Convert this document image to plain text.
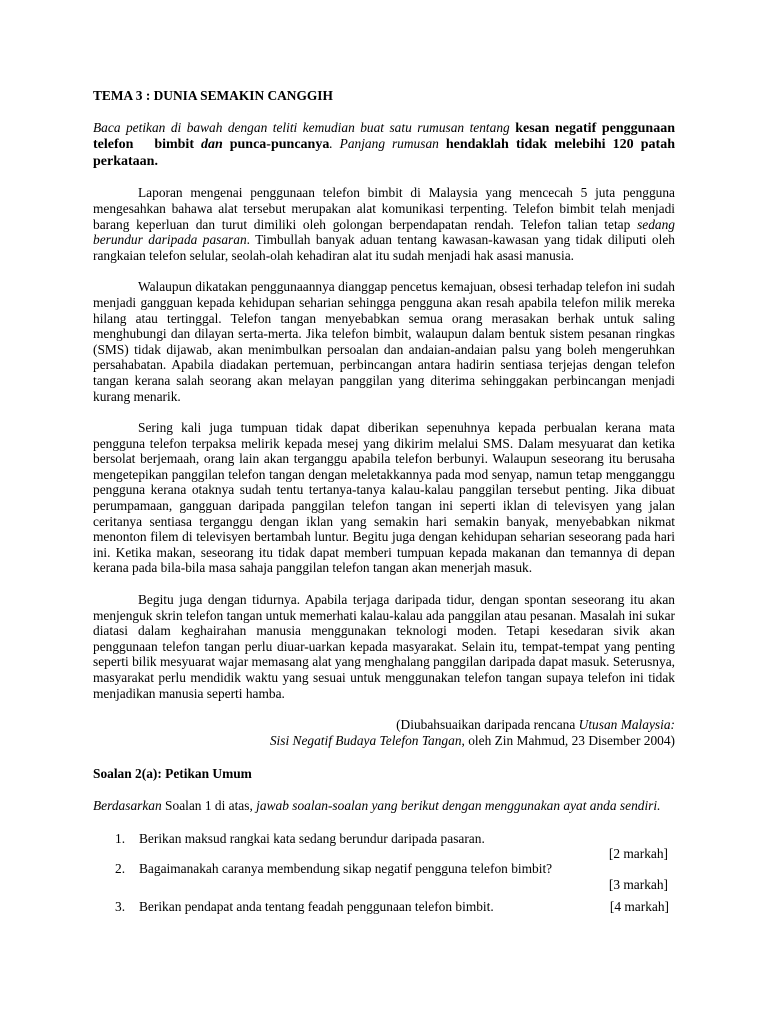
TEMA 3 : DUNIA SEMAKIN CANGGIH

Baca petikan di bawah dengan teliti kemudian buat satu rumusan tentang kesan negatif penggunaan telefon bimbit dan punca-puncanya. Panjang rumusan hendaklah tidak melebihi 120 patah perkataan.

Laporan mengenai penggunaan telefon bimbit di Malaysia yang mencecah 5 juta pengguna mengesahkan bahawa alat tersebut merupakan alat komunikasi terpenting. Telefon bimbit telah menjadi barang keperluan dan turut dimiliki oleh golongan berpendapatan rendah. Telefon talian tetap sedang berundur daripada pasaran. Timbullah banyak aduan tentang kawasan-kawasan yang tidak diliputi oleh rangkaian telefon selular, seolah-olah kehadiran alat itu sudah menjadi hak asasi manusia.

Walaupun dikatakan penggunaannya dianggap pencetus kemajuan, obsesi terhadap telefon ini sudah menjadi gangguan kepada kehidupan seharian sehingga pengguna akan resah apabila telefon milik mereka hilang atau tertinggal. Telefon tangan menyebabkan semua orang merasakan berhak untuk saling menghubungi dan dilayan serta-merta. Jika telefon bimbit, walaupun dalam bentuk sistem pesanan ringkas (SMS) tidak dijawab, akan menimbulkan persoalan dan andaian-andaian palsu yang boleh mengeruhkan persahabatan. Apabila diadakan pertemuan, perbincangan antara hadirin sentiasa terjejas dengan telefon tangan kerana salah seorang akan melayan panggilan yang diterima sehinggakan perbincangan menjadi kurang menarik.

Sering kali juga tumpuan tidak dapat diberikan sepenuhnya kepada perbualan kerana mata pengguna telefon terpaksa melirik kepada mesej yang dikirim melalui SMS. Dalam mesyuarat dan ketika bersolat berjemaah, orang lain akan terganggu apabila telefon berbunyi. Walaupun seseorang itu berusaha mengetepikan panggilan telefon tangan dengan meletakkannya pada mod senyap, namun tetap mengganggu pengguna kerana otaknya sudah tentu tertanya-tanya kalau-kalau panggilan tersebut penting. Jika dibuat perumpamaan, gangguan daripada panggilan telefon tangan ini seperti iklan di televisyen yang jalan ceritanya sentiasa terganggu dengan iklan yang semakin hari semakin banyak, menyebabkan nikmat menonton filem di televisyen bertambah luntur. Begitu juga dengan kehidupan seharian seseorang pada hari ini. Ketika makan, seseorang itu tidak dapat memberi tumpuan kepada makanan dan temannya di depan kerana pada bila-bila masa sahaja panggilan telefon tangan akan menerjah masuk.

Begitu juga dengan tidurnya. Apabila terjaga daripada tidur, dengan spontan seseorang itu akan menjenguk skrin telefon tangan untuk memerhati kalau-kalau ada panggilan atau pesanan. Masalah ini sukar diatasi dalam keghairahan manusia menggunakan teknologi moden. Tetapi kesedaran sivik akan penggunaan telefon tangan perlu diuar-uarkan kepada masyarakat. Selain itu, tempat-tempat yang penting seperti bilik mesyuarat wajar memasang alat yang menghalang panggilan daripada dapat masuk. Seterusnya, masyarakat perlu mendidik waktu yang sesuai untuk menggunakan telefon tangan supaya telefon ini tidak menjadikan manusia seperti hamba.

(Diubahsuaikan daripada rencana Utusan Malaysia:
Sisi Negatif Budaya Telefon Tangan, oleh Zin Mahmud, 23 Disember 2004)

Soalan 2(a): Petikan Umum

Berdasarkan Soalan 1 di atas, jawab soalan-soalan yang berikut dengan menggunakan ayat anda sendiri.

1. Berikan maksud rangkai kata sedang berundur daripada pasaran.
[2 markah]
2. Bagaimanakah caranya membendung sikap negatif pengguna telefon bimbit?
[3 markah]
3. Berikan pendapat anda tentang feadah penggunaan telefon bimbit.	[4 markah]
